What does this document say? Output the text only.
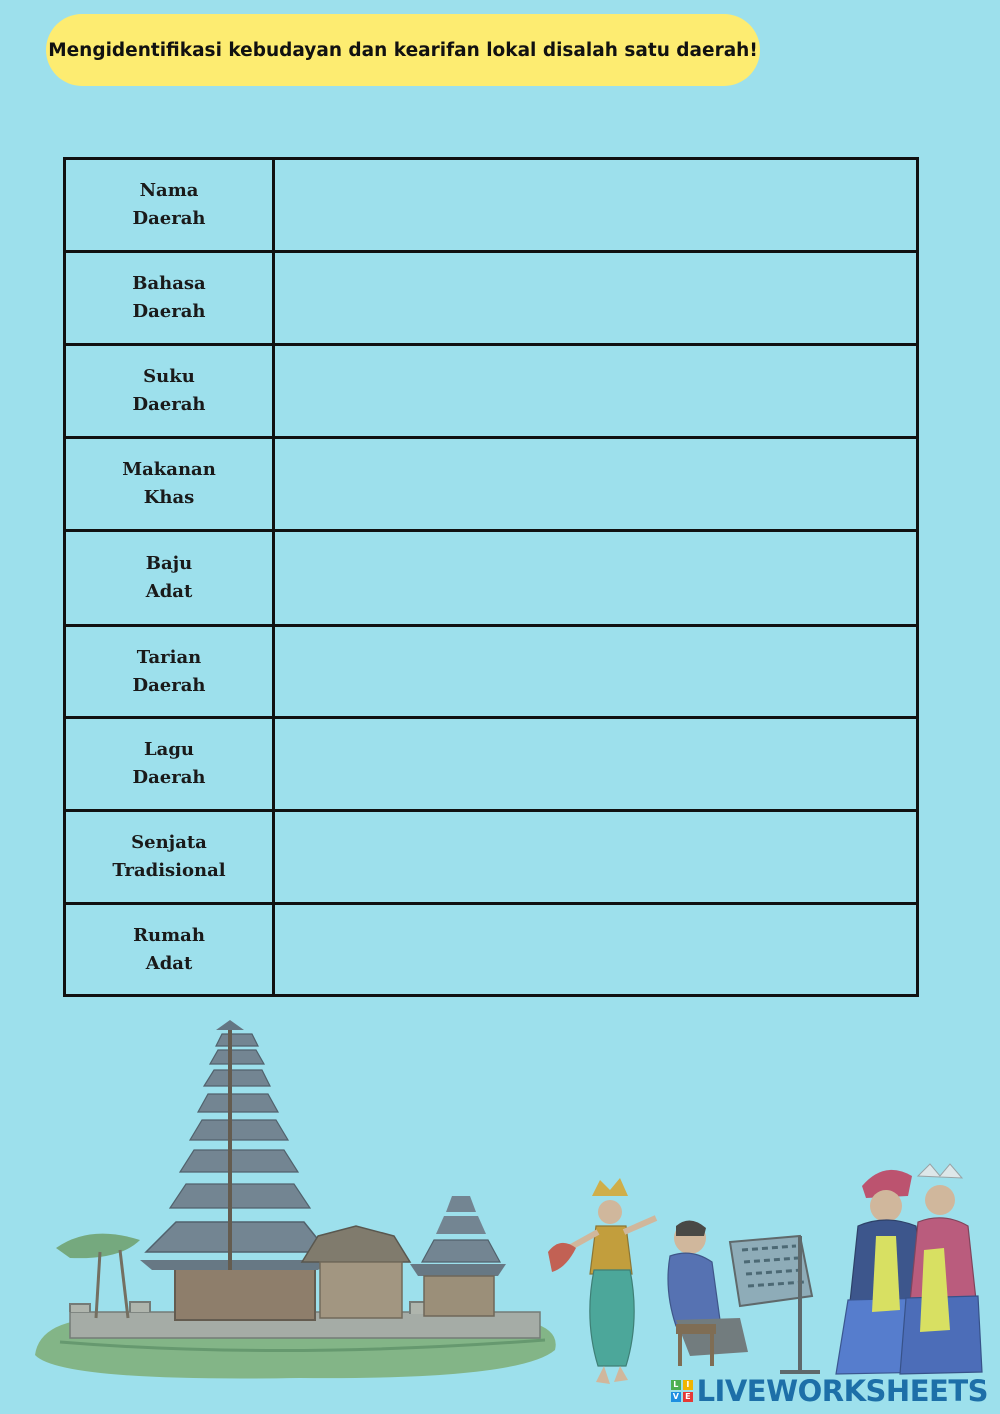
Mengidentifikasi kebudayan dan kearifan lokal disalah satu daerah!
Nama
Daerah	

Bahasa
Daerah	

Suku
Daerah	

Makanan
Khas	

Baju
Adat	

Tarian
Daerah	

Lagu
Daerah	

Senjata
Tradisional	

Rumah
Adat	

L	I
V E LIVEWORKSHEETS
